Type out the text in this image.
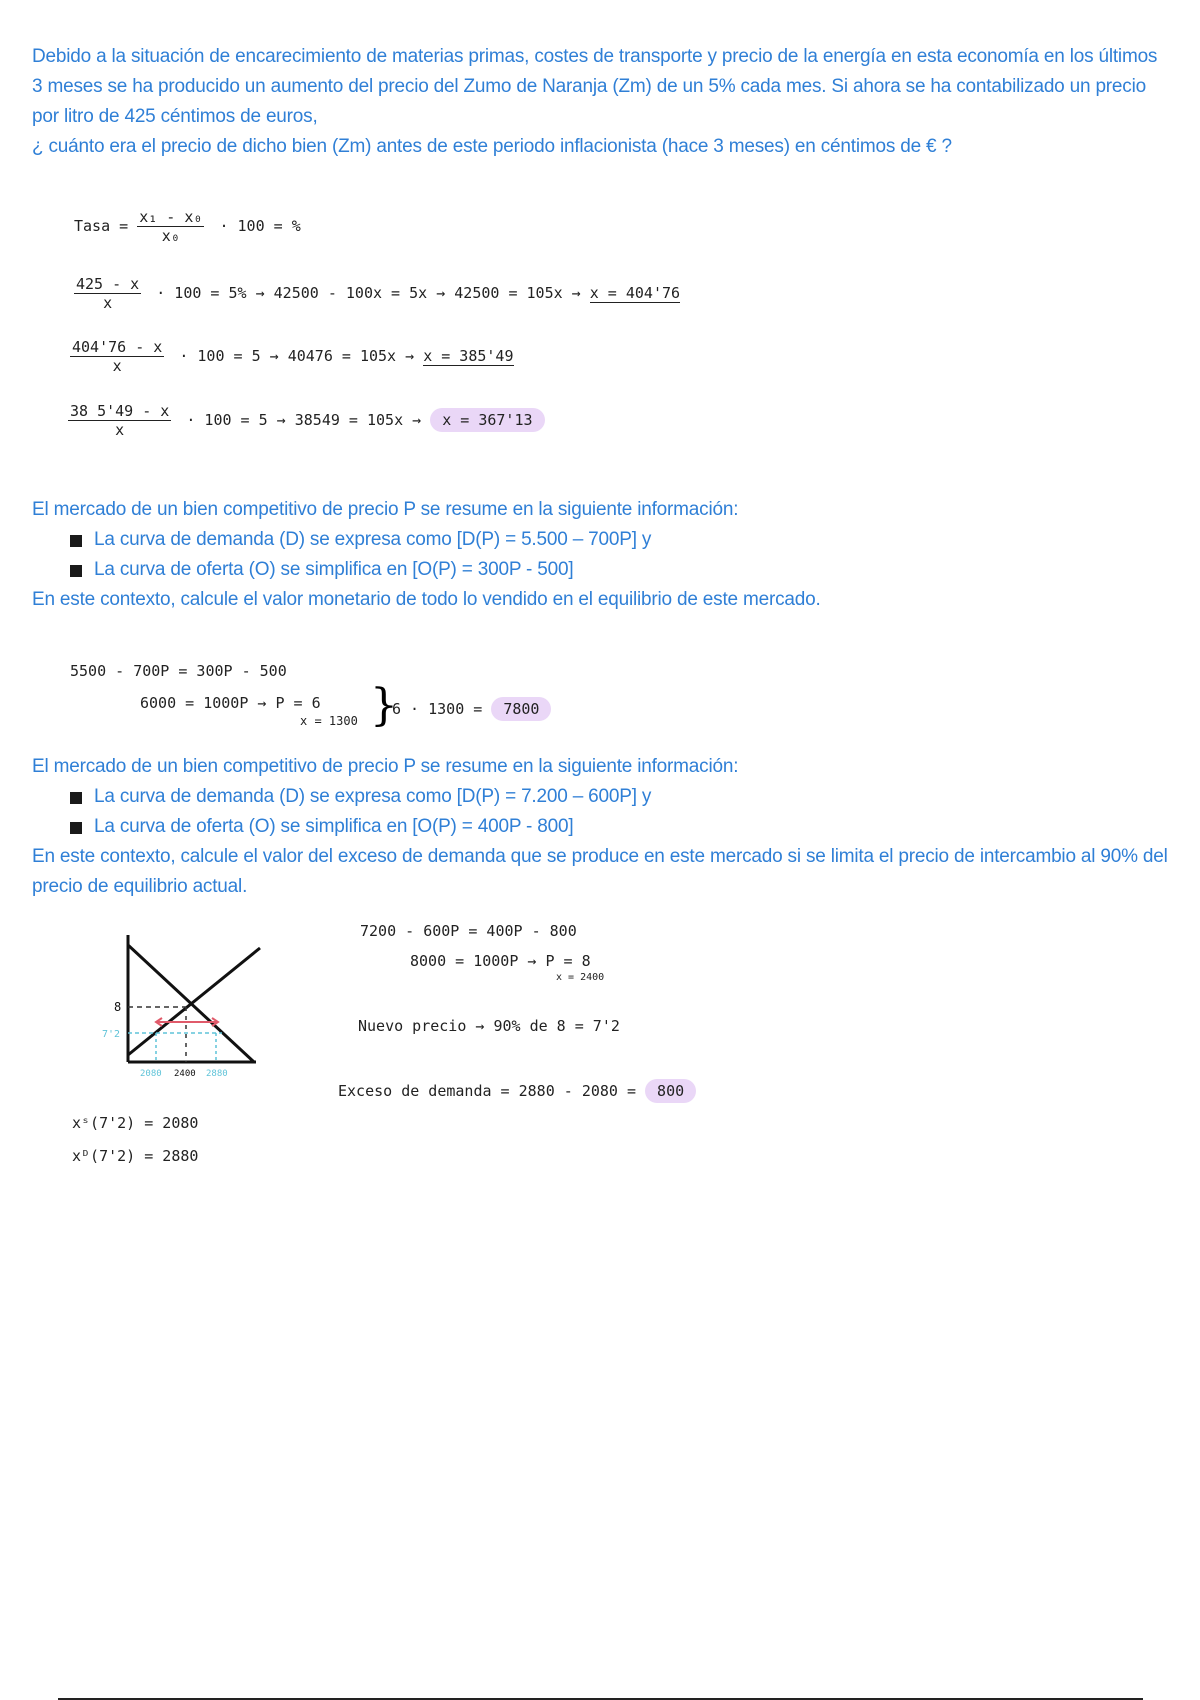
Debido a la situación de encarecimiento de materias primas, costes de transporte y precio de la energía en esta economía en los últimos 3 meses se ha producido un aumento del precio del Zumo de Naranja (Zm) de un 5% cada mes. Si ahora se ha contabilizado un precio por litro de 425 céntimos de euros,

¿ cuánto era el precio de dicho bien (Zm) antes de este periodo inflacionista (hace 3 meses) en céntimos de € ?

Tasa = $\frac{\text{x₁ - x₀}}{\text{x₀}} \cdot 100$ = %
$\frac{425 - x}{x} \cdot 100 = 5\% \to 42500 - 100x = 5x \to 42500 = 105x \to x = 404'76$
$\frac{404'76 - x}{x} \cdot 100 = 5 \to 40476 = 105x \to x = 385'49$
$\frac{38 5'49 - x}{x} \cdot 100 = 5 \to 38549 = 105x \to x = 367'13$

El mercado de un bien competitivo de precio P se resume en la siguiente información:

La curva de demanda (D) se expresa como [D(P) = 5.500 – 700P] y
La curva de oferta (O) se simplifica en [O(P) = 300P - 500]

En este contexto, calcule el valor monetario de todo lo vendido en el equilibrio de este mercado.

5500 - 700P = 300P - 500
6000 = 1000P → P = 6
x = 1300 }
6 · 1300 = 7800

El mercado de un bien competitivo de precio P se resume en la siguiente información:

La curva de demanda (D) se expresa como [D(P) = 7.200 – 600P] y
La curva de oferta (O) se simplifica en [O(P) = 400P - 800]

En este contexto, calcule el valor del exceso de demanda que se produce en este mercado si se limita el precio de intercambio al 90% del precio de equilibrio actual.

8
7'2
2080 2400 2880
7200 - 600P = 400P - 800
8000 = 1000P → P = 8
x = 2400
Nuevo precio → 90% de 8 = 7'2
Exceso de demanda = 2880 - 2080 = 800
xˢ(7'2) = 2080
xᴰ(7'2) = 2880
